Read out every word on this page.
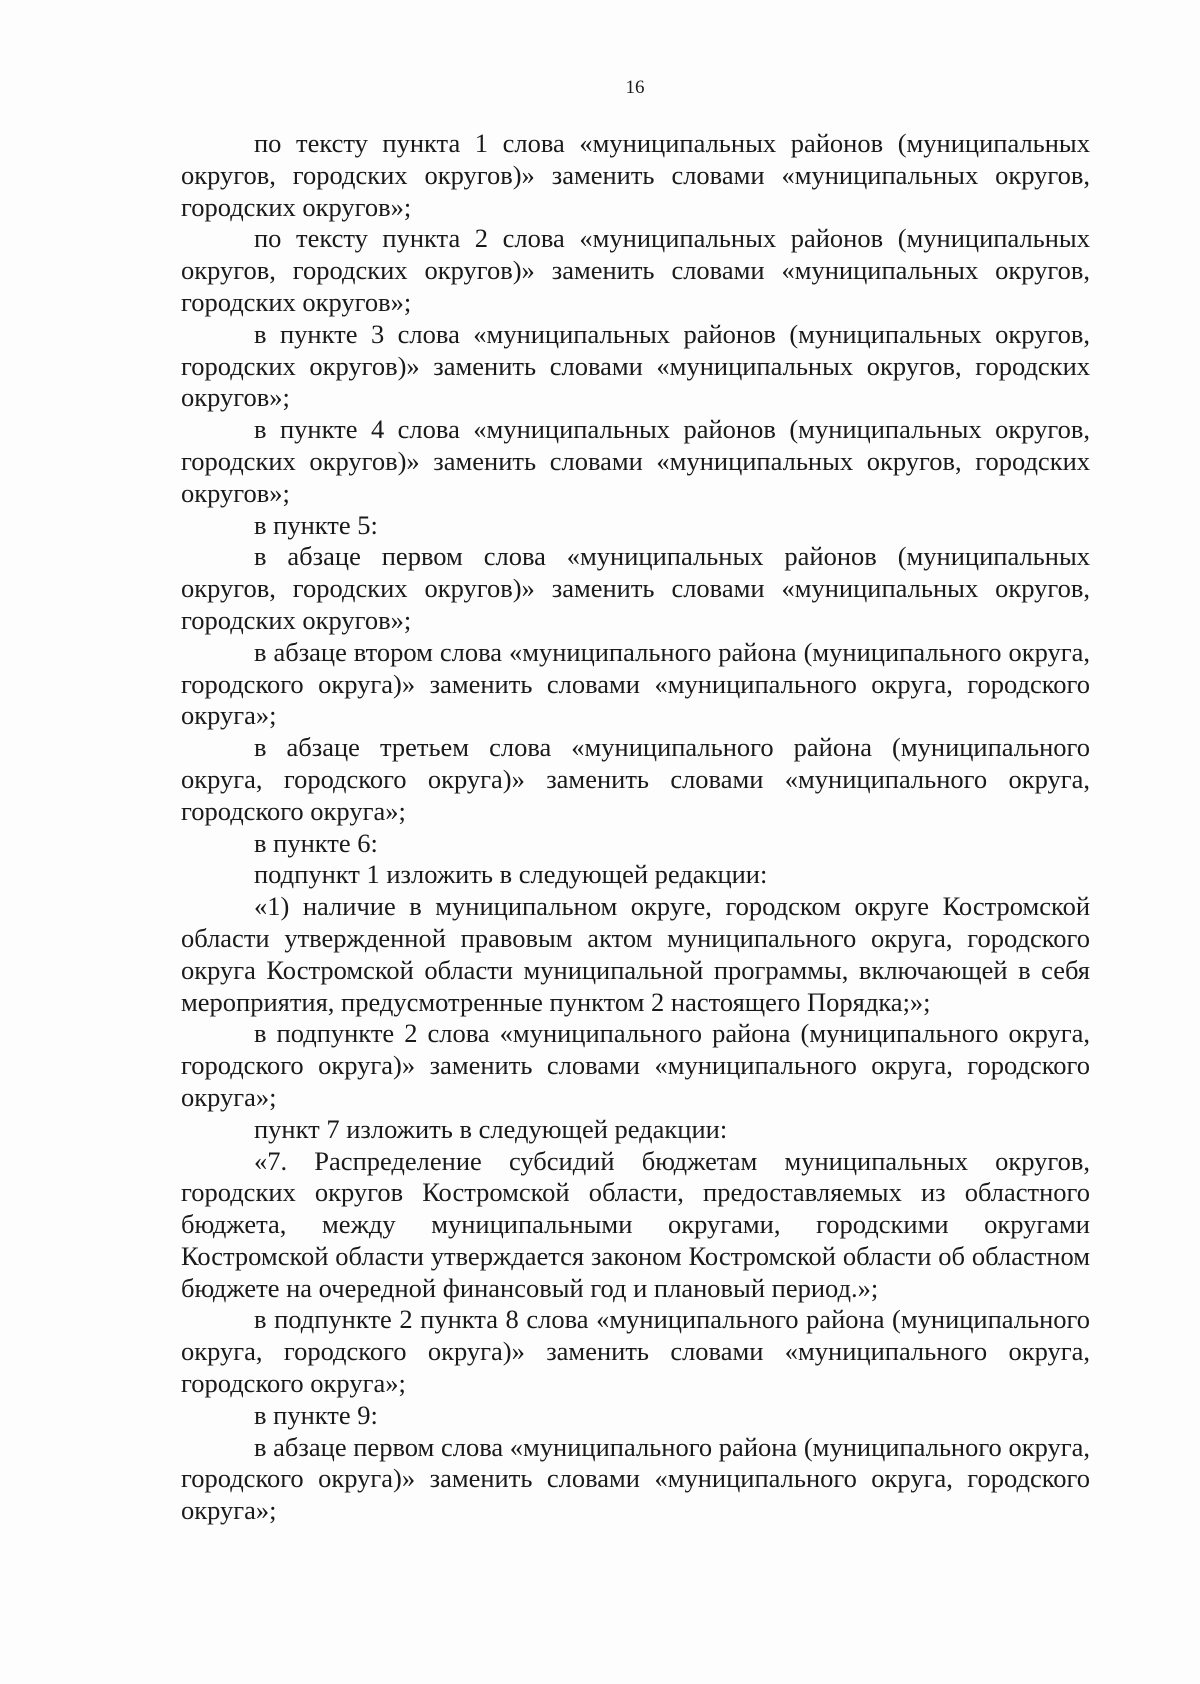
16

по тексту пункта 1 слова «муниципальных районов (муниципальных округов, городских округов)» заменить словами «муниципальных округов, городских округов»;

по тексту пункта 2 слова «муниципальных районов (муниципальных округов, городских округов)» заменить словами «муниципальных округов, городских округов»;

в пункте 3 слова «муниципальных районов (муниципальных округов, городских округов)» заменить словами «муниципальных округов, городских округов»;

в пункте 4 слова «муниципальных районов (муниципальных округов, городских округов)» заменить словами «муниципальных округов, городских округов»;

в пункте 5:

в абзаце первом слова «муниципальных районов (муниципальных округов, городских округов)» заменить словами «муниципальных округов, городских округов»;

в абзаце втором слова «муниципального района (муниципального округа, городского округа)» заменить словами «муниципального округа, городского округа»;

в абзаце третьем слова «муниципального района (муниципального округа, городского округа)» заменить словами «муниципального округа, городского округа»;

в пункте 6:

подпункт 1 изложить в следующей редакции:

«1) наличие в муниципальном округе, городском округе Костромской области утвержденной правовым актом муниципального округа, городского округа Костромской области муниципальной программы, включающей в себя мероприятия, предусмотренные пунктом 2 настоящего Порядка;»;

в подпункте 2 слова «муниципального района (муниципального округа, городского округа)» заменить словами «муниципального округа, городского округа»;

пункт 7 изложить в следующей редакции:

«7. Распределение субсидий бюджетам муниципальных округов, городских округов Костромской области, предоставляемых из областного бюджета, между муниципальными округами, городскими округами Костромской области утверждается законом Костромской области об областном бюджете на очередной финансовый год и плановый период.»;

в подпункте 2 пункта 8 слова «муниципального района (муниципального округа, городского округа)» заменить словами «муниципального округа, городского округа»;

в пункте 9:

в абзаце первом слова «муниципального района (муниципального округа, городского округа)» заменить словами «муниципального округа, городского округа»;
